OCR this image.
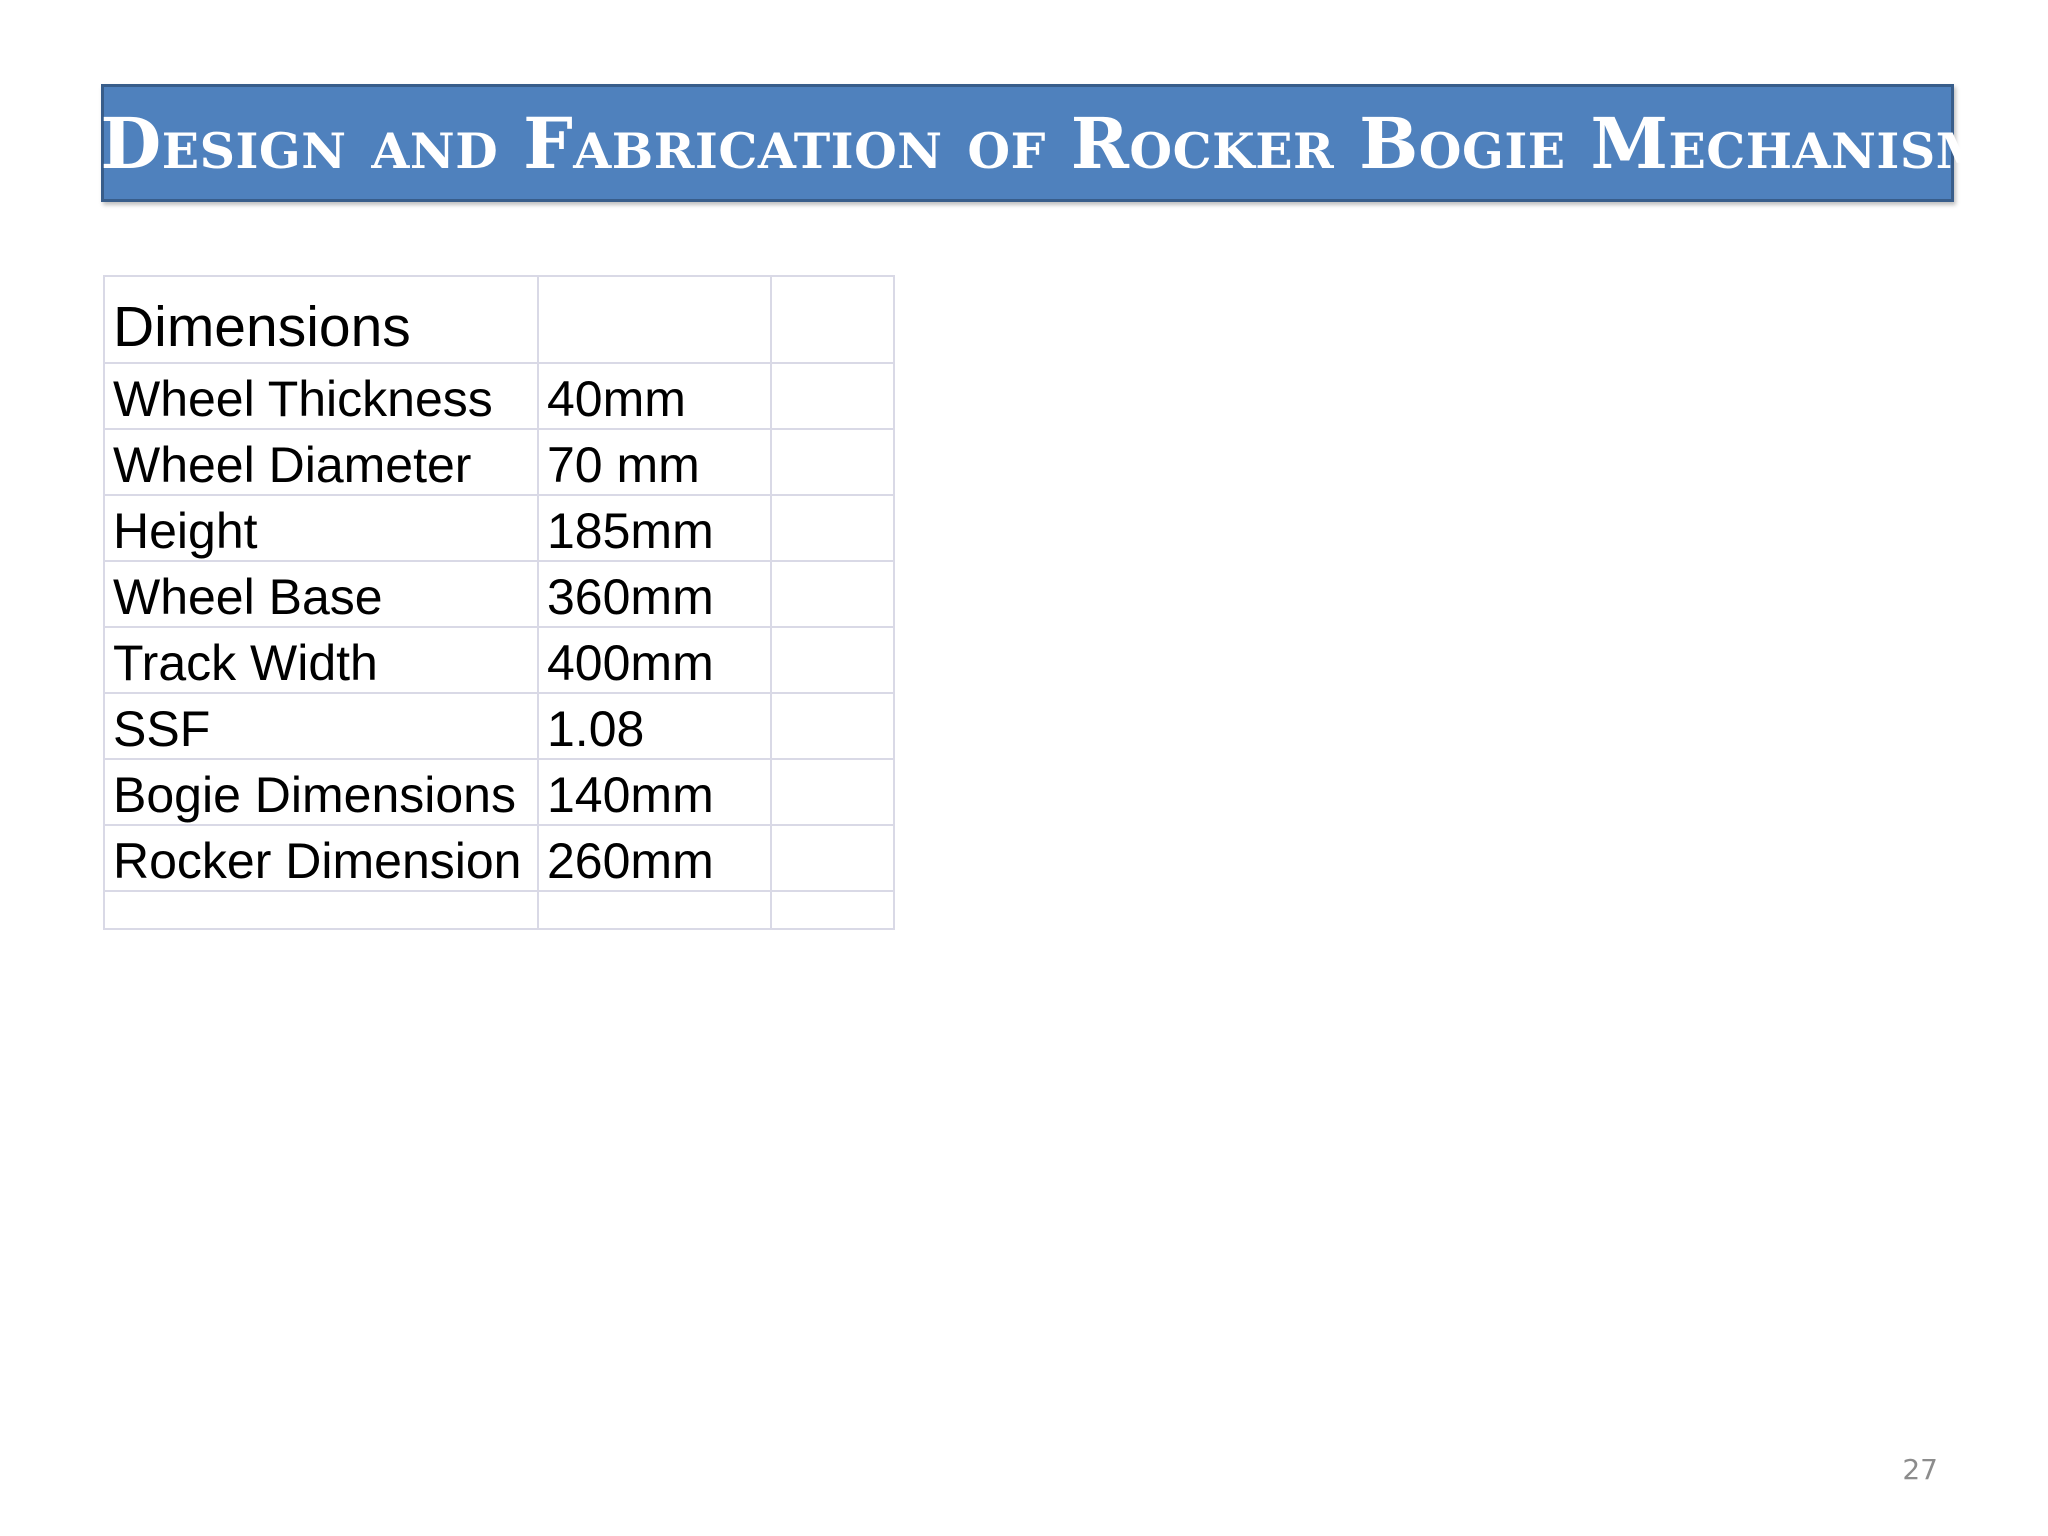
Design and Fabrication of Rocker Bogie Mechanism
Dimensions		
Wheel Thickness	40mm	
Wheel Diameter	70 mm	
Height	185mm	
Wheel Base	360mm	
Track Width	400mm	
SSF	1.08	
Bogie Dimensions	140mm	
Rocker Dimension	260mm	

27
